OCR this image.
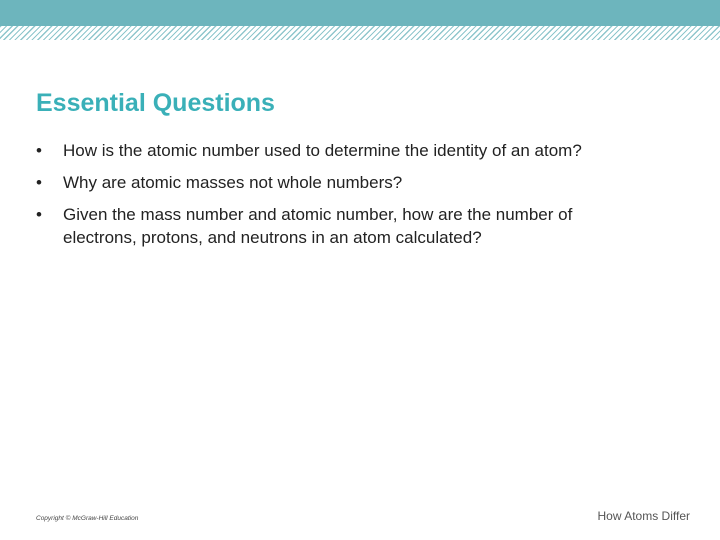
Essential Questions
• How is the atomic number used to determine the identity of an atom?
• Why are atomic masses not whole numbers?
• Given the mass number and atomic number, how are the number of electrons, protons, and neutrons in an atom calculated?
Copyright © McGraw-Hill Education	How Atoms Differ
